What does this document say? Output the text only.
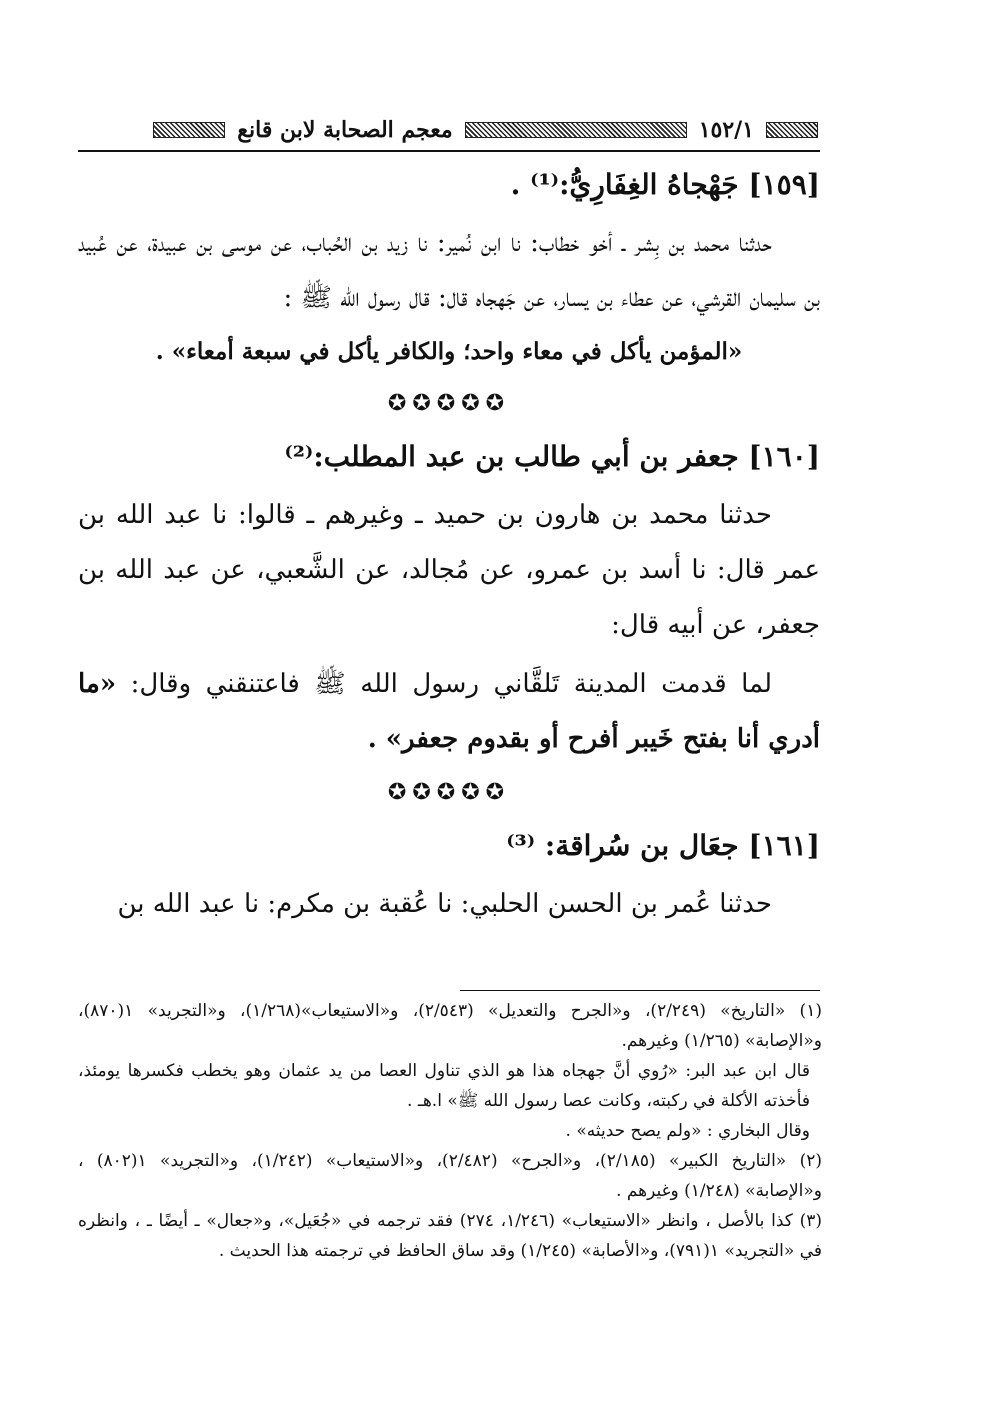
١٥٢/١
معجم الصحابة لابن قانع

[١٥٩] جَهْجاهُ الغِفَارِيُّ:⁽¹⁾ .

حدثنا محمد بن بِشر ـ أخو خطاب: نا ابن نُمير: نا زيد بن الحُباب، عن موسى بن عبيدة، عن عُبيد بن سليمان القرشي، عن عطاء بن يسار، عن جَهجاه قال: قال رسول الله ﷺ :

«المؤمن يأكل في معاء واحد؛ والكافر يأكل في سبعة أمعاء» .

✪✪✪✪✪

[١٦٠] جعفر بن أبي طالب بن عبد المطلب:⁽²⁾

حدثنا محمد بن هارون بن حميد ـ وغيرهم ـ قالوا: نا عبد الله بن عمر قال: نا أسد بن عمرو، عن مُجالد، عن الشَّعبي، عن عبد الله بن جعفر، عن أبيه قال:

لما قدمت المدينة تَلقَّاني رسول الله ﷺ فاعتنقني وقال: «ما أدري أنا بفتح خَيبر أفرح أو بقدوم جعفر» .

✪✪✪✪✪

[١٦١] جعَال بن سُراقة: ⁽³⁾

حدثنا عُمر بن الحسن الحلبي: نا عُقبة بن مكرم: نا عبد الله بن

(١) «التاريخ» (٢/٢٤٩)، و«الجرح والتعديل» (٢/٥٤٣)، و«الاستيعاب»(١/٢٦٨)، و«التجريد» ١(٨٧٠)، و«الإصابة» (١/٢٦٥) وغيرهم.

قال ابن عبد البر: «رُوي أنَّ جهجاه هذا هو الذي تناول العصا من يد عثمان وهو يخطب فكسرها يومئذ، فأخذته الأكلة في ركبته، وكانت عصا رسول الله ﷺ» ا.هـ .

وقال البخاري : «ولم يصح حديثه» .

(٢) «التاريخ الكبير» (٢/١٨٥)، و«الجرح» (٢/٤٨٢)، و«الاستيعاب» (١/٢٤٢)، و«التجريد» ١(٨٠٢) ، و«الإصابة» (١/٢٤٨) وغيرهم .

(٣) كذا بالأصل ، وانظر «الاستيعاب» (١/٢٤٦، ٢٧٤) فقد ترجمه في «جُعَيل»، و«جعال» ـ أيضًا ـ ، وانظره في «التجريد» ١(٧٩١)، و«الأصابة» (١/٢٤٥) وقد ساق الحافظ في ترجمته هذا الحديث .
